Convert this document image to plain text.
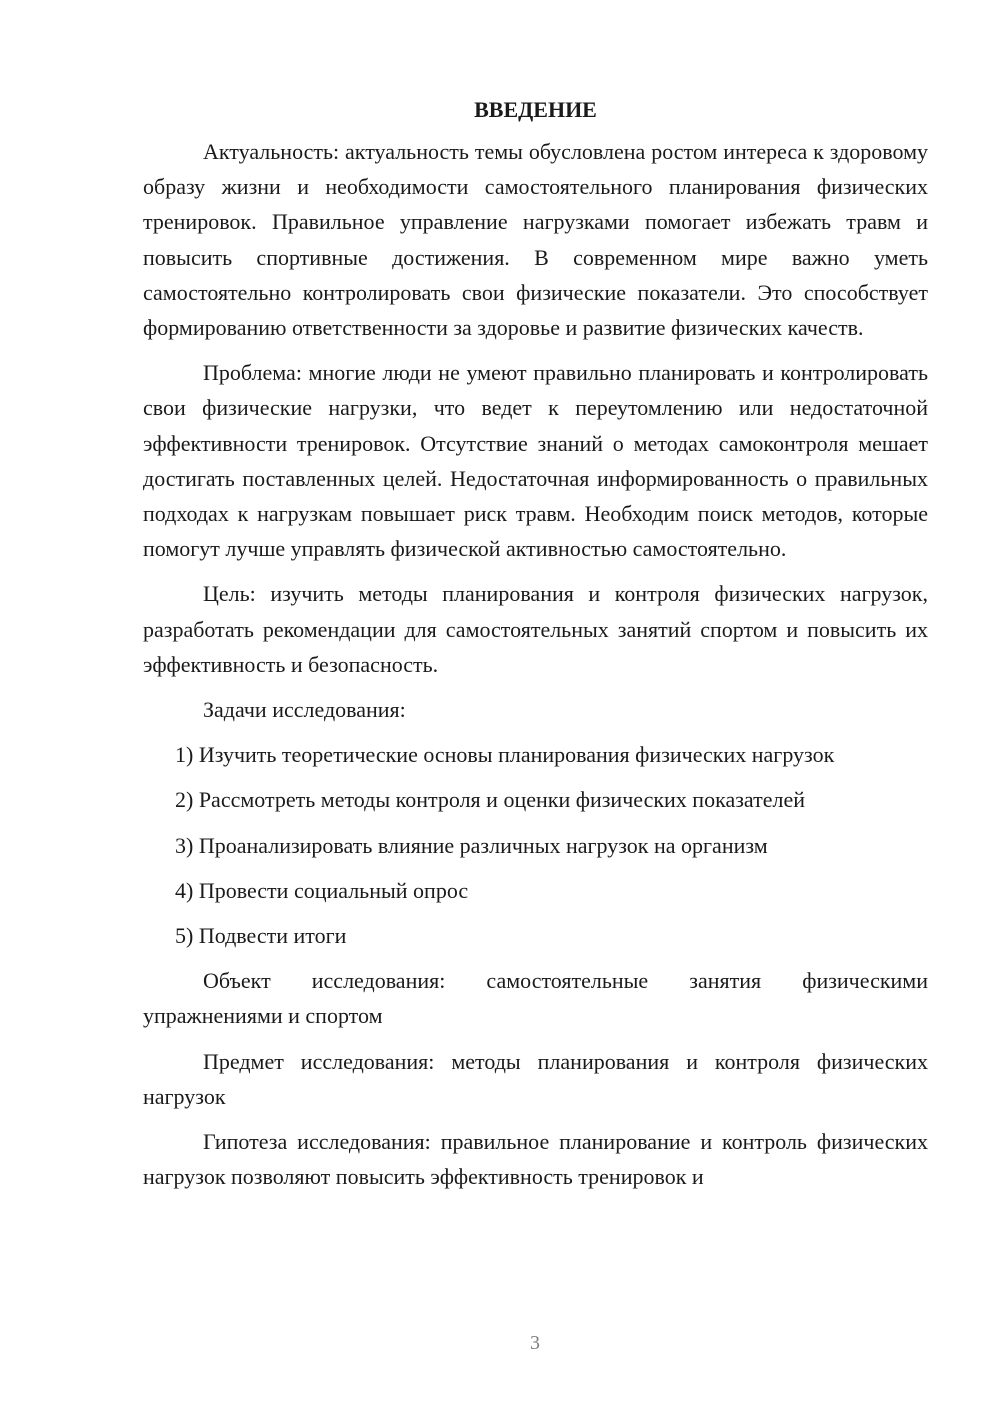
ВВЕДЕНИЕ

Актуальность: актуальность темы обусловлена ростом интереса к здоровому образу жизни и необходимости самостоятельного планирования физических тренировок. Правильное управление нагрузками помогает избежать травм и повысить спортивные достижения. В современном мире важно уметь самостоятельно контролировать свои физические показатели. Это способствует формированию ответственности за здоровье и развитие физических качеств.

Проблема: многие люди не умеют правильно планировать и контролировать свои физические нагрузки, что ведет к переутомлению или недостаточной эффективности тренировок. Отсутствие знаний о методах самоконтроля мешает достигать поставленных целей. Недостаточная информированность о правильных подходах к нагрузкам повышает риск травм. Необходим поиск методов, которые помогут лучше управлять физической активностью самостоятельно.

Цель: изучить методы планирования и контроля физических нагрузок, разработать рекомендации для самостоятельных занятий спортом и повысить их эффективность и безопасность.

Задачи исследования:

1) Изучить теоретические основы планирования физических нагрузок
2) Рассмотреть методы контроля и оценки физических показателей
3) Проанализировать влияние различных нагрузок на организм
4) Провести социальный опрос
5) Подвести итоги

Объект исследования: самостоятельные занятия физическими упражнениями и спортом

Предмет исследования: методы планирования и контроля физических нагрузок

Гипотеза исследования: правильное планирование и контроль физических нагрузок позволяют повысить эффективность тренировок и

3
